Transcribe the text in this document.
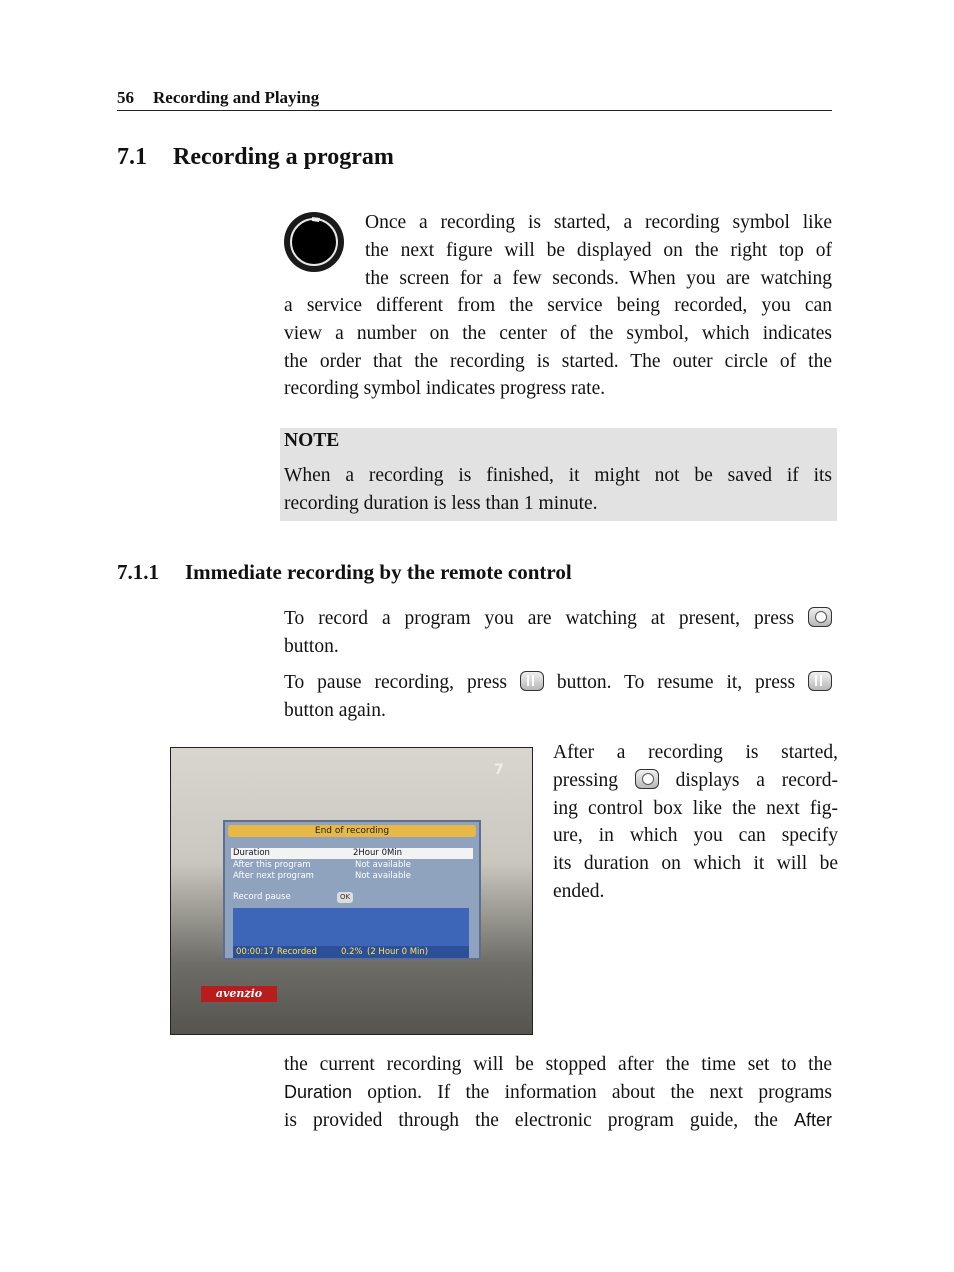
56 Recording and Playing
7.1 Recording a program
Once a recording is started, a recording symbol like
the next figure will be displayed on the right top of
the screen for a few seconds. When you are watching
a service different from the service being recorded, you can
view a number on the center of the symbol, which indicates
the order that the recording is started. The outer circle of the
recording symbol indicates progress rate.
NOTE
When a recording is finished, it might not be saved if its
recording duration is less than 1 minute.
7.1.1 Immediate recording by the remote control
To record a program you are watching at present, press
button.
To pause recording, press	button. To resume it, press
button again.
7
End of recording
Duration	2Hour 0Min
After this program	Not available
After next program	Not available
Record pause	OK
00:00:17 Recorded	0.2% (2 Hour 0 Min)
avenzio
After a recording is started,
pressing	displays a record-
ing control box like the next fig-
ure, in which you can specify
its duration on which it will be
ended.
the current recording will be stopped after the time set to the
Duration option. If the information about the next programs
is provided through the electronic program guide, the After
